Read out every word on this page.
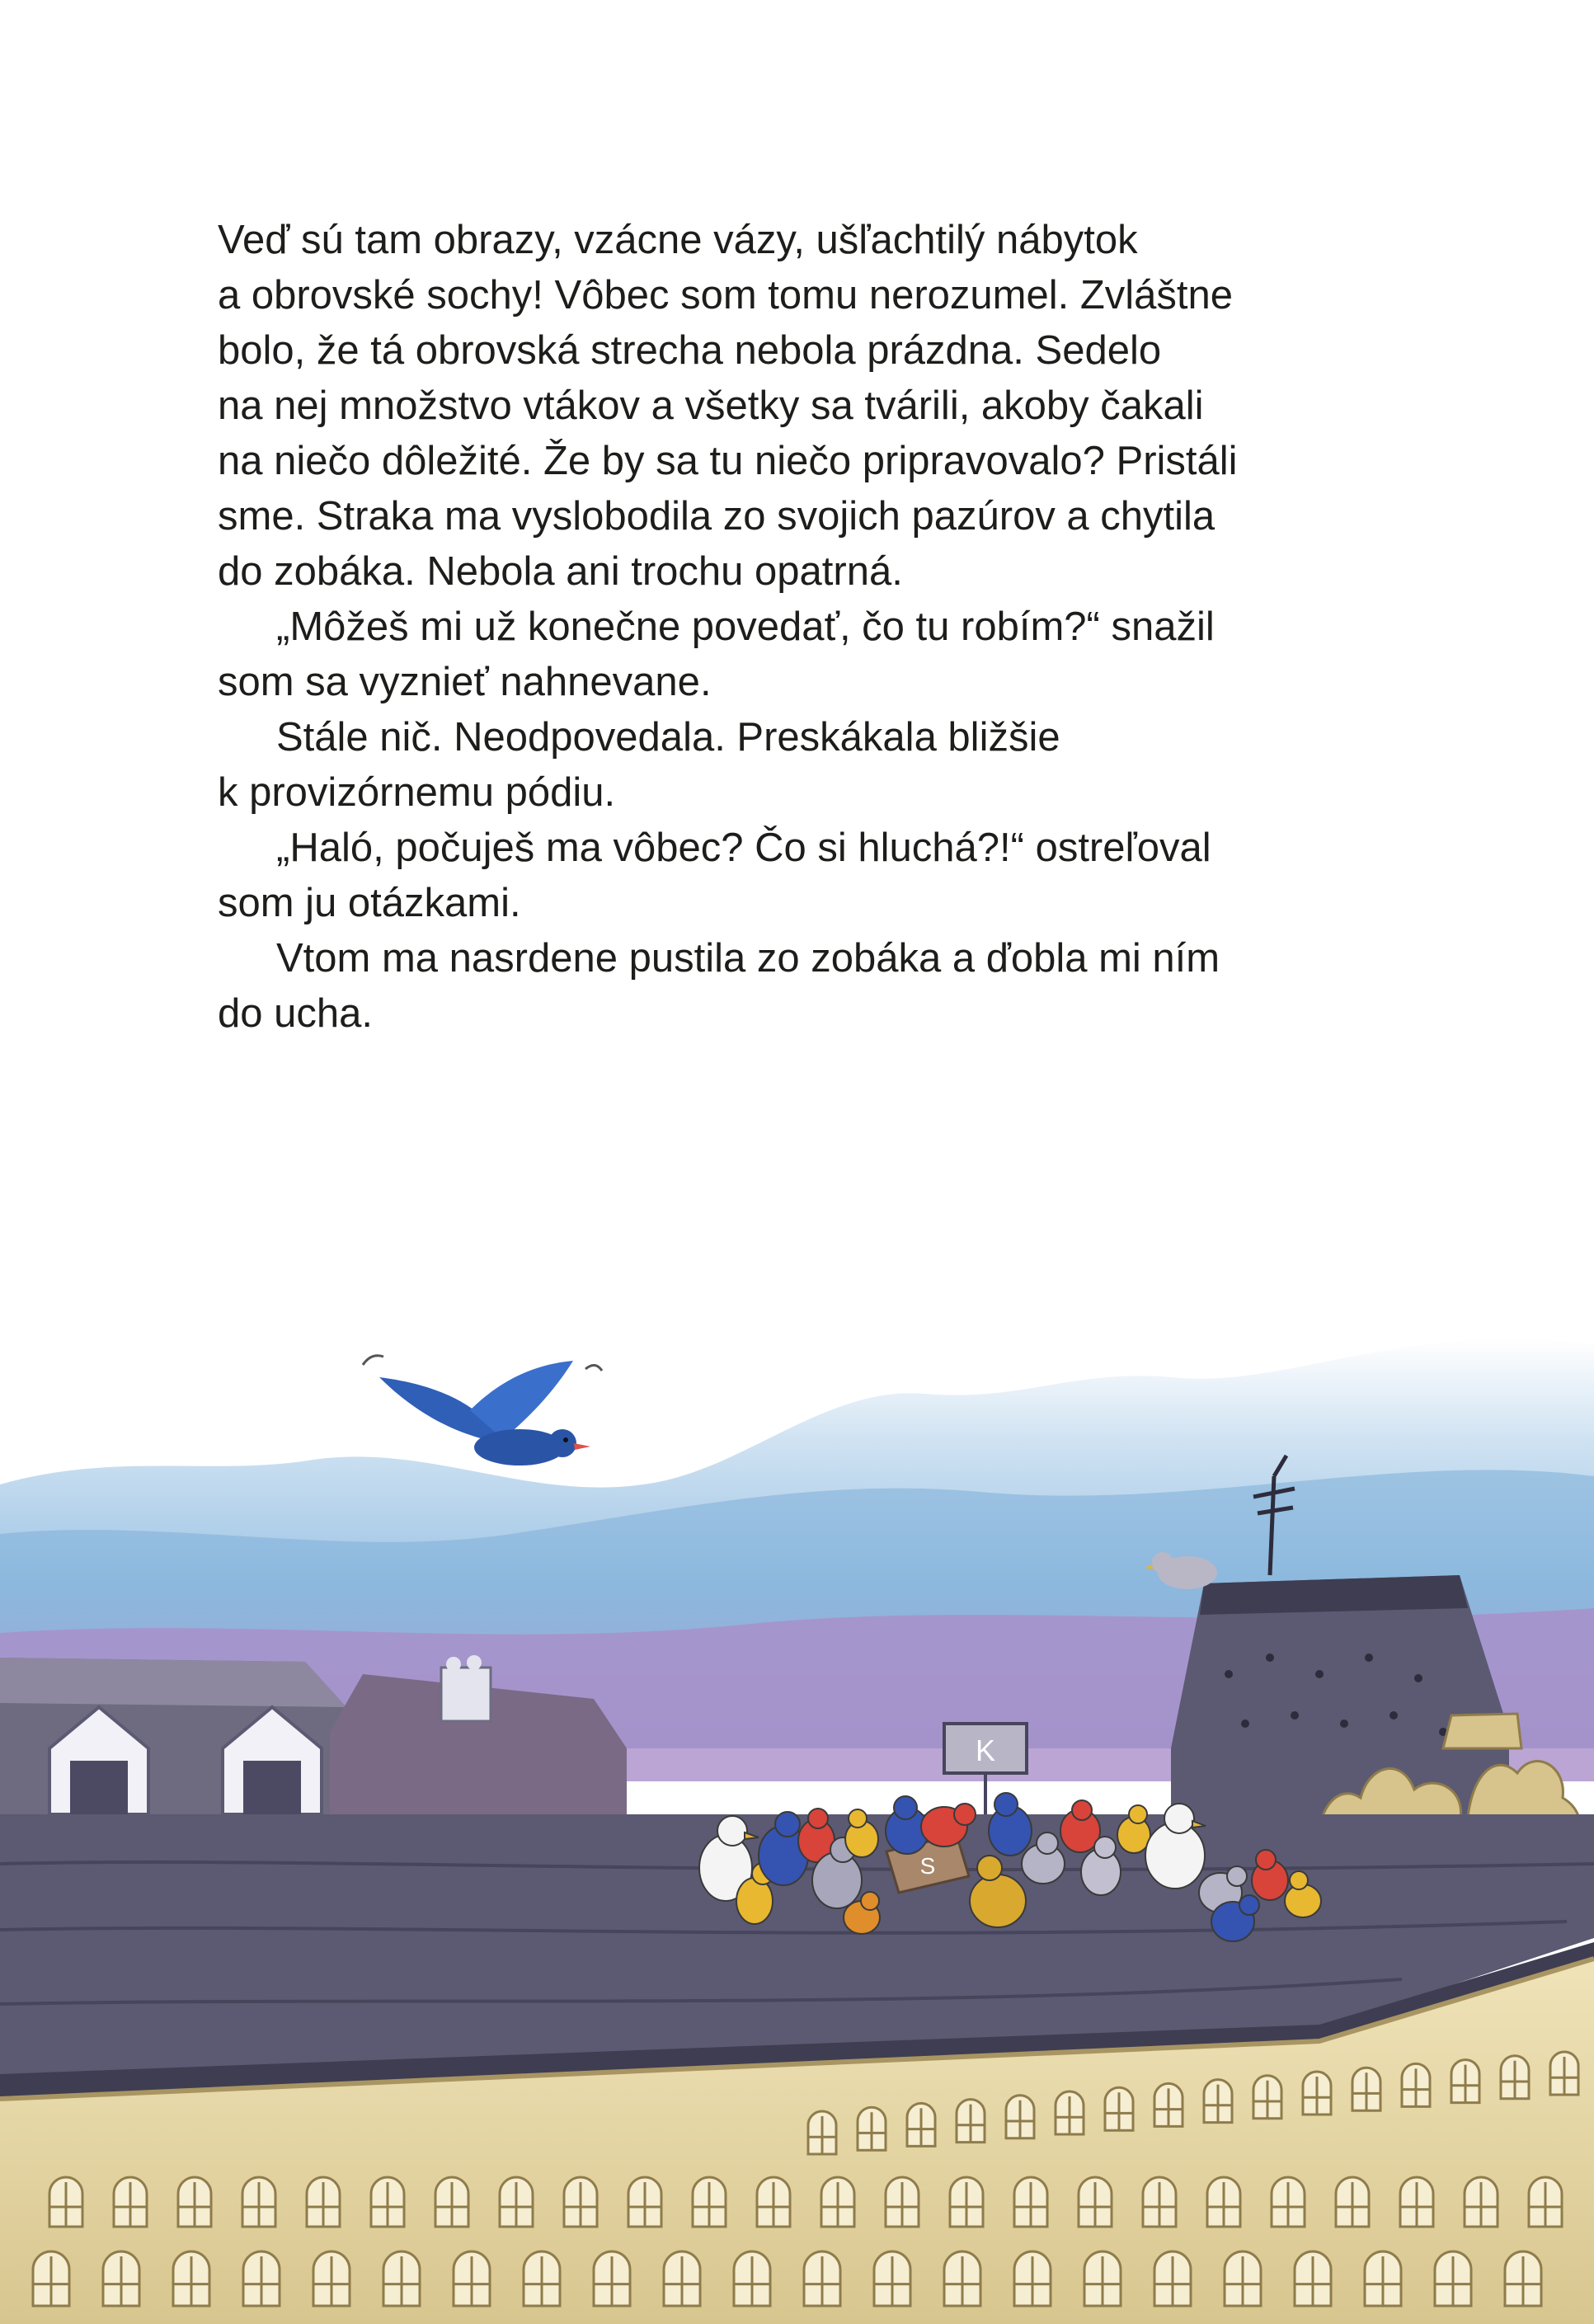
Veď sú tam obrazy, vzácne vázy, ušľachtilý nábytok
a obrovské sochy! Vôbec som tomu nerozumel. Zvláštne
bolo, že tá obrovská strecha nebola prázdna. Sedelo
na nej množstvo vtákov a všetky sa tvárili, akoby čakali
na niečo dôležité. Že by sa tu niečo pripravovalo? Pristáli
sme. Straka ma vyslobodila zo svojich pazúrov a chytila
do zobáka. Nebola ani trochu opatrná.
„Môžeš mi už konečne povedať, čo tu robím?“ snažil
som sa vyznieť nahnevane.
Stále nič. Neodpovedala. Preskákala bližšie
k provizórnemu pódiu.
„Haló, počuješ ma vôbec? Čo si hluchá?!“ ostreľoval
som ju otázkami.
Vtom ma nasrdene pustila zo zobáka a ďobla mi ním
do ucha.
K
S
